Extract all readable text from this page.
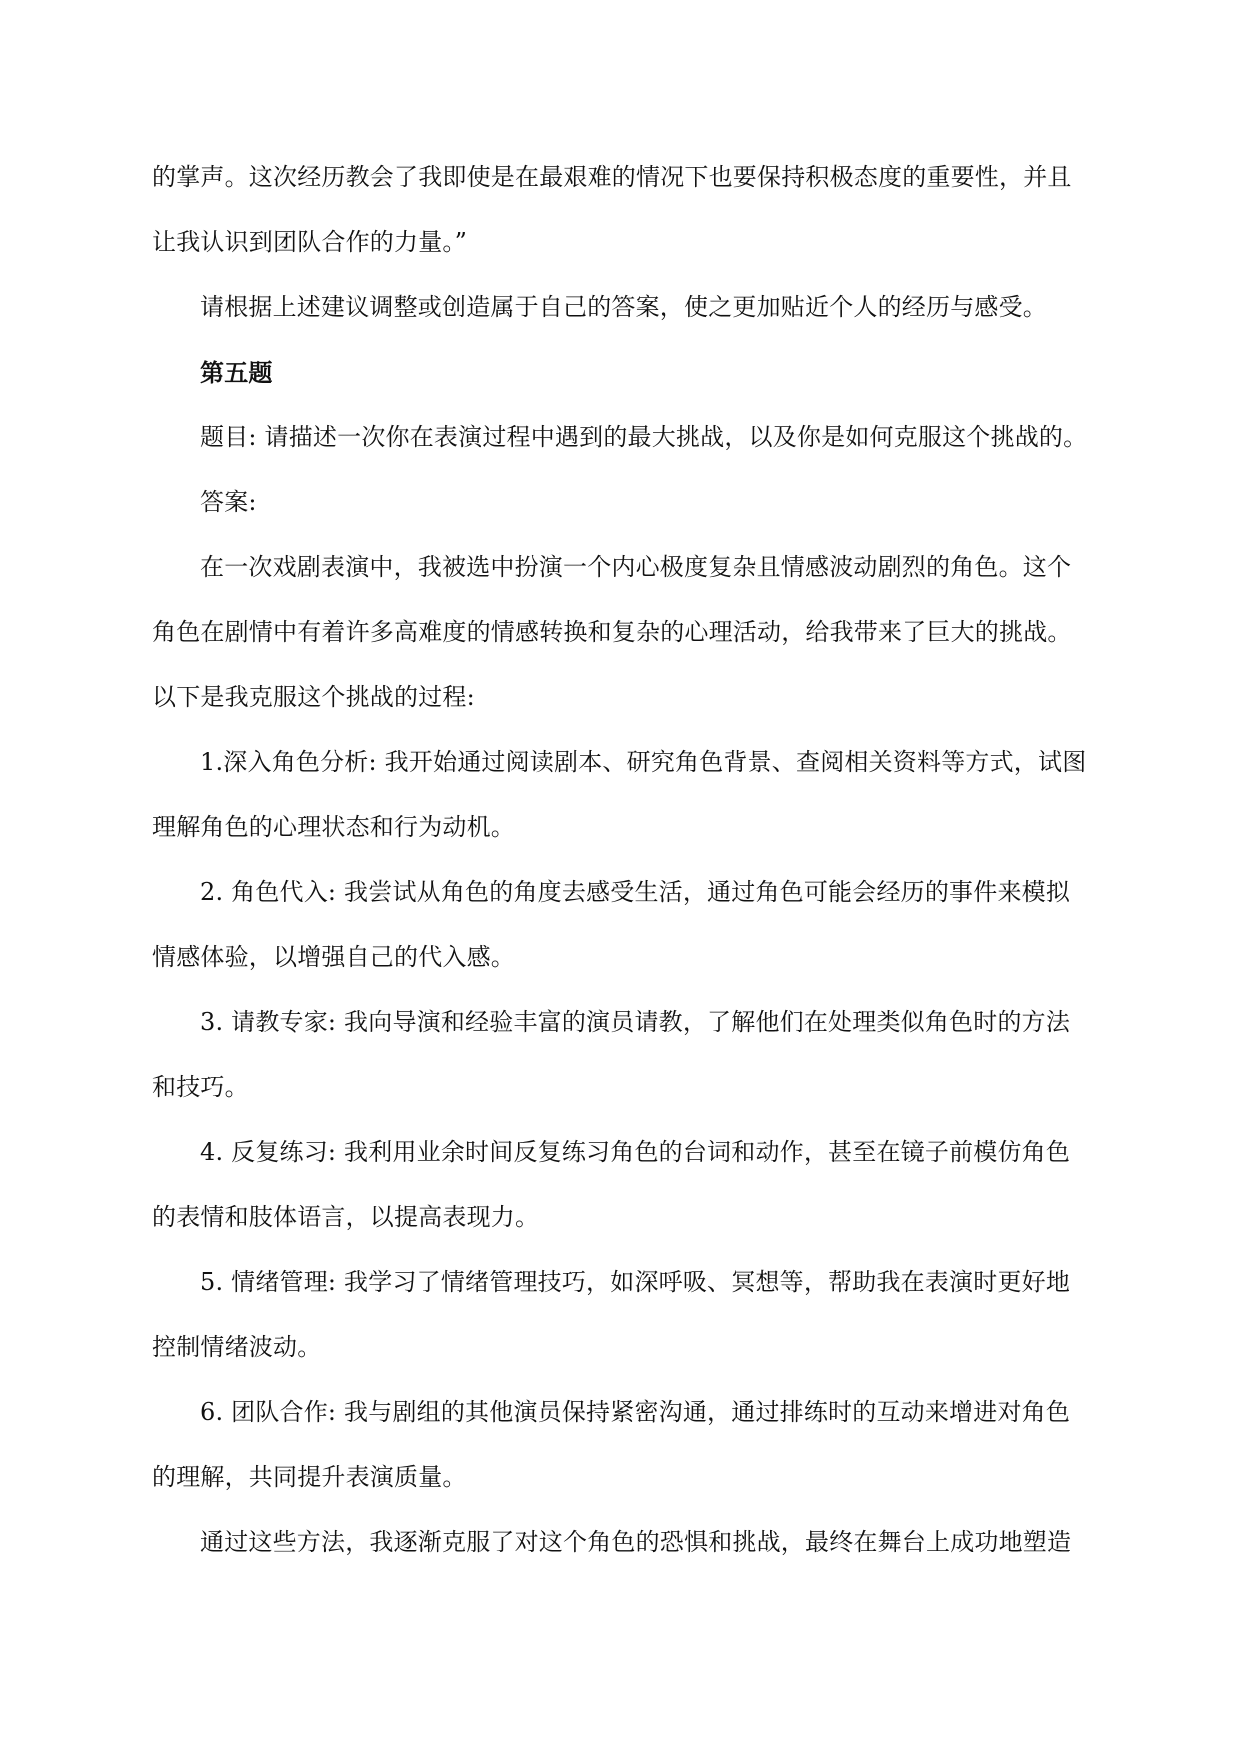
的掌声。这次经历教会了我即使是在最艰难的情况下也要保持积极态度的重要性，并且让我认识到团队合作的力量。”

请根据上述建议调整或创造属于自己的答案，使之更加贴近个人的经历与感受。

第五题

题目: 请描述一次你在表演过程中遇到的最大挑战，以及你是如何克服这个挑战的。

答案:

在一次戏剧表演中，我被选中扮演一个内心极度复杂且情感波动剧烈的角色。这个角色在剧情中有着许多高难度的情感转换和复杂的心理活动，给我带来了巨大的挑战。以下是我克服这个挑战的过程:

1.深入角色分析: 我开始通过阅读剧本、研究角色背景、查阅相关资料等方式，试图理解角色的心理状态和行为动机。

2. 角色代入: 我尝试从角色的角度去感受生活，通过角色可能会经历的事件来模拟情感体验，以增强自己的代入感。

3. 请教专家: 我向导演和经验丰富的演员请教，了解他们在处理类似角色时的方法和技巧。

4. 反复练习: 我利用业余时间反复练习角色的台词和动作，甚至在镜子前模仿角色的表情和肢体语言，以提高表现力。

5. 情绪管理: 我学习了情绪管理技巧，如深呼吸、冥想等，帮助我在表演时更好地控制情绪波动。

6. 团队合作: 我与剧组的其他演员保持紧密沟通，通过排练时的互动来增进对角色的理解，共同提升表演质量。

通过这些方法，我逐渐克服了对这个角色的恐惧和挑战，最终在舞台上成功地塑造
